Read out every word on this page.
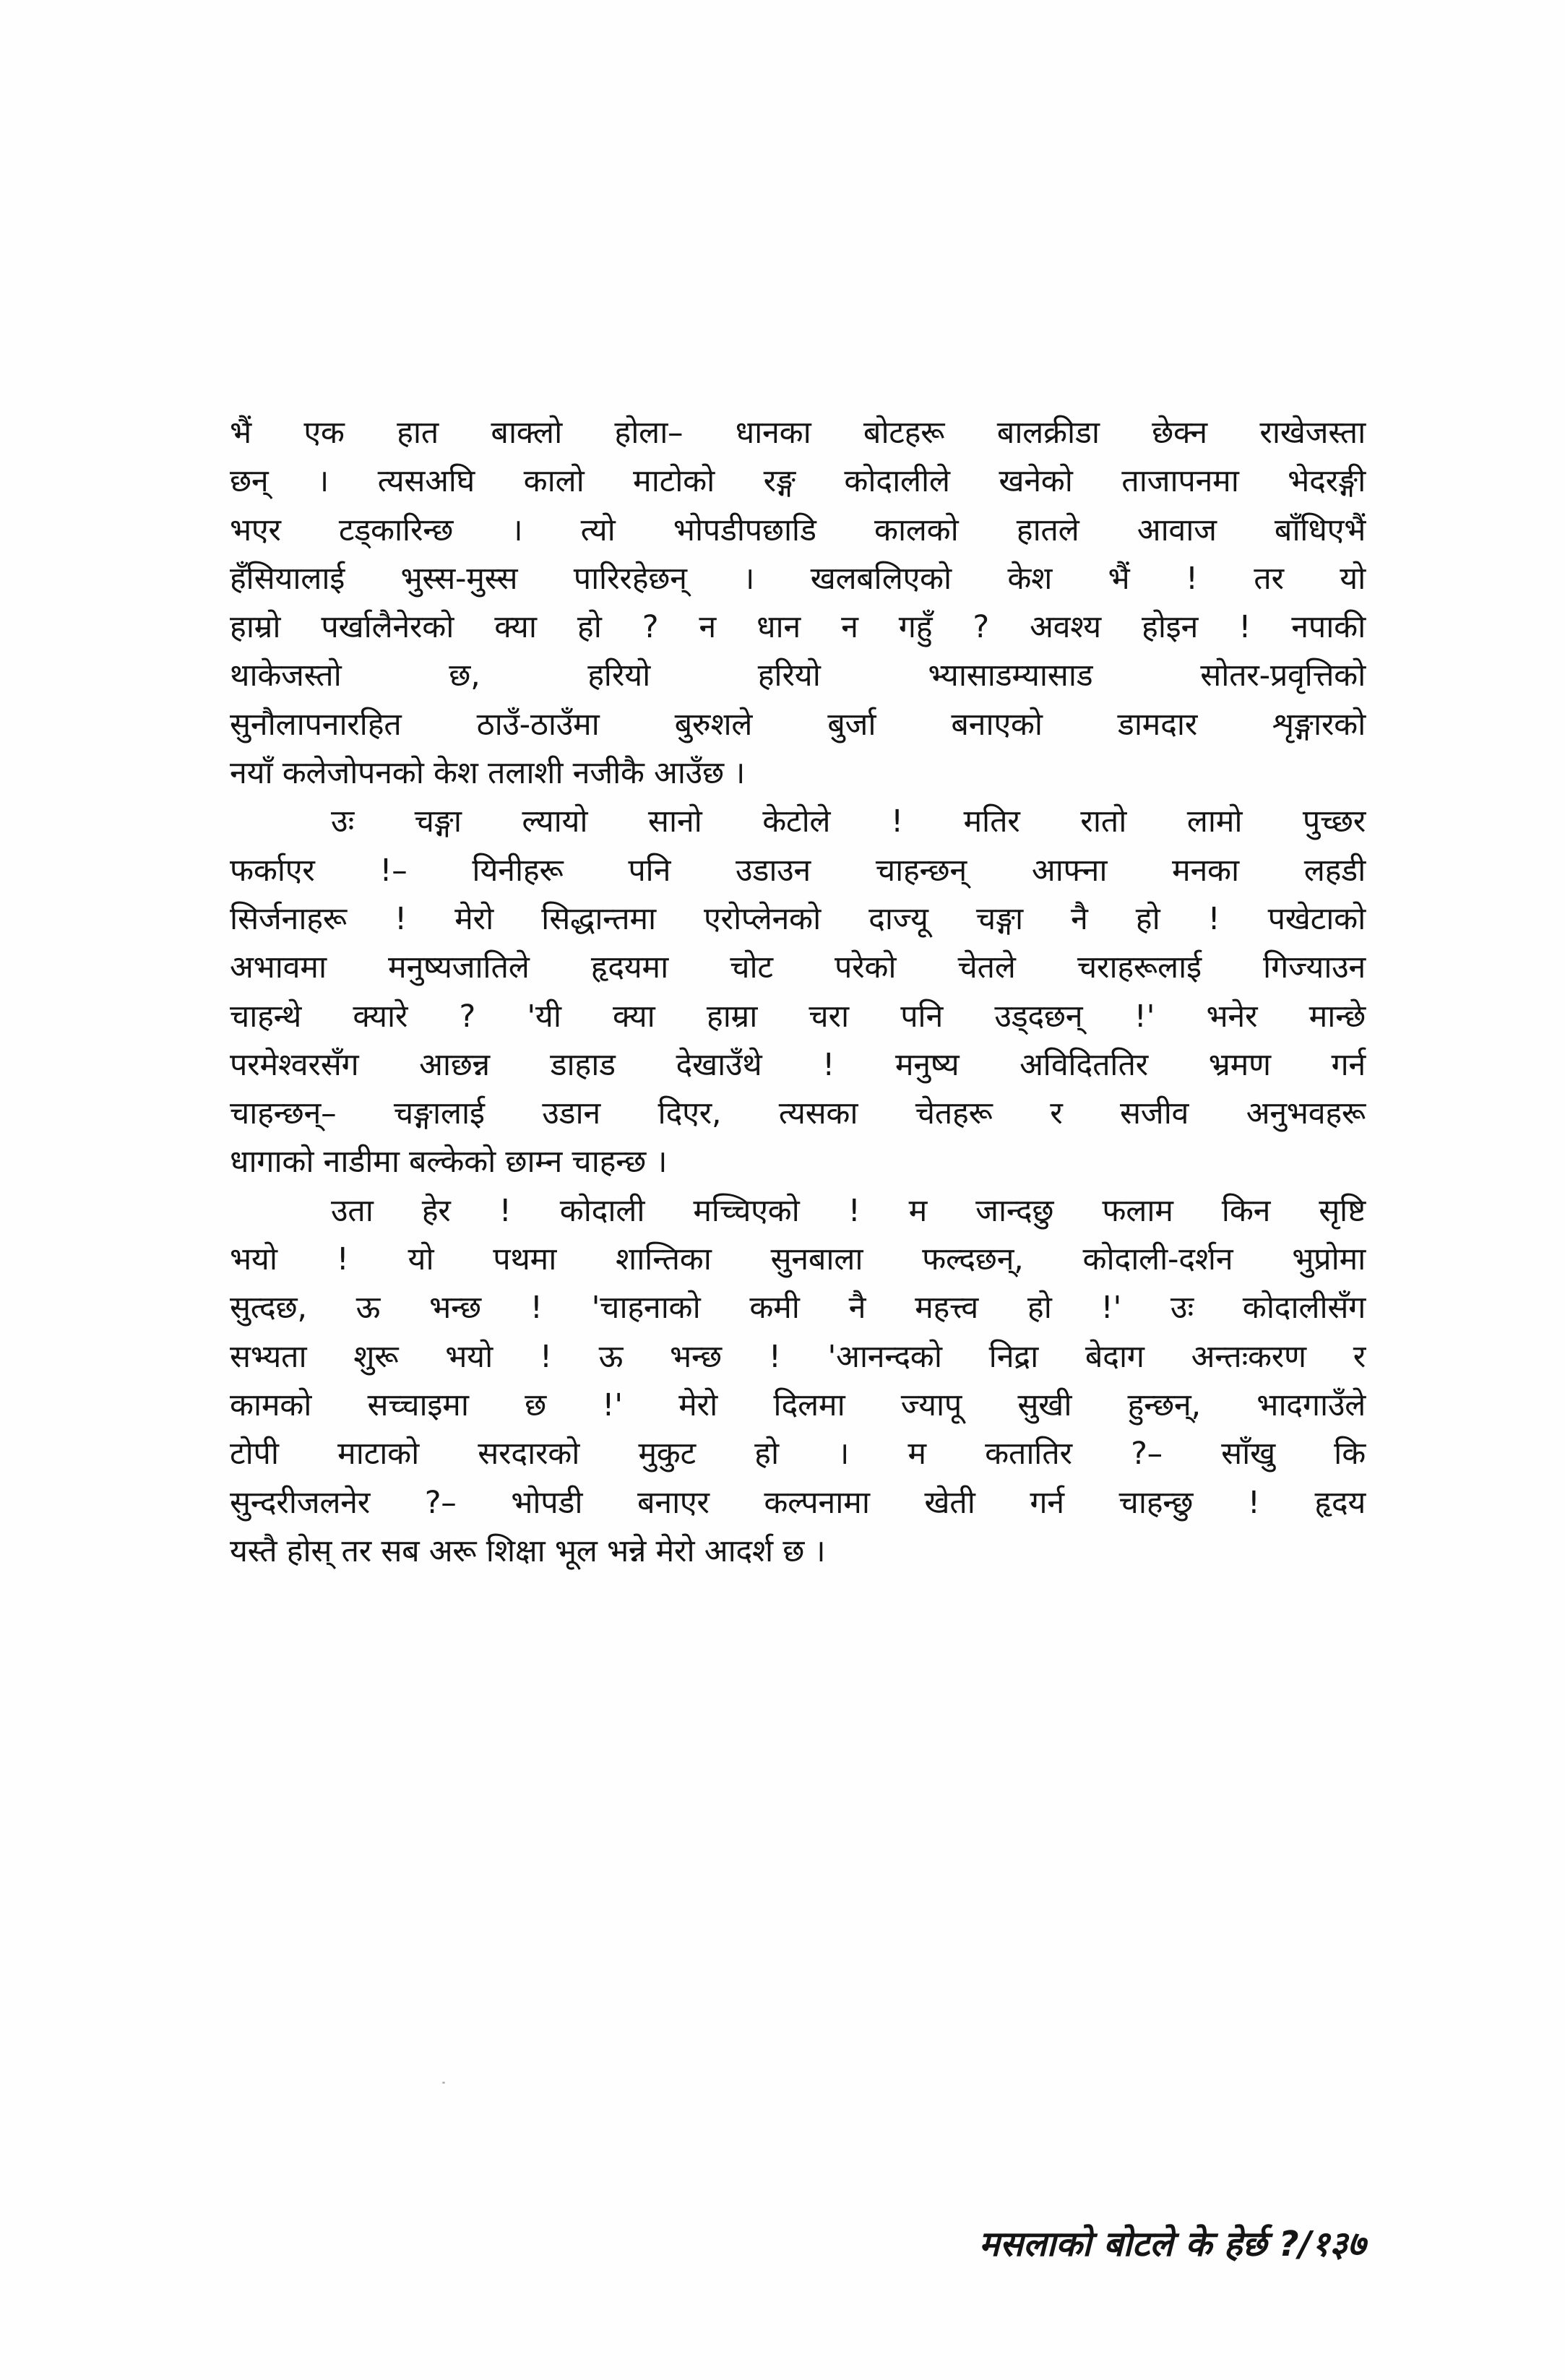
भैं एक हात बाक्लो होला– धानका बोटहरू बालक्रीडा छेक्न राखेजस्ता
छन् । त्यसअघि कालो माटोको रङ्ग कोदालीले खनेको ताजापनमा भेदरङ्गी
भएर टड्कारिन्छ । त्यो भोपडीपछाडि कालको हातले आवाज बाँधिएभैं
हँसियालाई भुस्स-मुस्स पारिरहेछन् । खलबलिएको केश भैं ! तर यो
हाम्रो पर्खालैनेरको क्या हो ? न धान न गहुँ ? अवश्य होइन ! नपाकी
थाकेजस्तो छ, हरियो हरियो भ्यासाडम्यासाड सोतर-प्रवृत्तिको
सुनौलापनारहित ठाउँ-ठाउँमा बुरुशले बुर्जा बनाएको डामदार शृङ्गारको
नयाँ कलेजोपनको केश तलाशी नजीकै आउँछ ।
उः चङ्गा ल्यायो सानो केटोले ! मतिर रातो लामो पुच्छर
फर्काएर !– यिनीहरू पनि उडाउन चाहन्छन् आफ्ना मनका लहडी
सिर्जनाहरू ! मेरो सिद्धान्तमा एरोप्लेनको दाज्यू चङ्गा नै हो ! पखेटाको
अभावमा मनुष्यजातिले हृदयमा चोट परेको चेतले चराहरूलाई गिज्याउन
चाहन्थे क्यारे ? 'यी क्या हाम्रा चरा पनि उड्दछन् !' भनेर मान्छे
परमेश्वरसँग आछन्न डाहाड देखाउँथे ! मनुष्य अविदिततिर भ्रमण गर्न
चाहन्छन्– चङ्गालाई उडान दिएर, त्यसका चेतहरू र सजीव अनुभवहरू
धागाको नाडीमा बल्केको छाम्न चाहन्छ ।
उता हेर ! कोदाली मच्चिएको ! म जान्दछु फलाम किन सृष्टि
भयो ! यो पथमा शान्तिका सुनबाला फल्दछन्, कोदाली-दर्शन भुप्रोमा
सुत्दछ, ऊ भन्छ ! 'चाहनाको कमी नै महत्त्व हो !' उः कोदालीसँग
सभ्यता शुरू भयो ! ऊ भन्छ ! 'आनन्दको निद्रा बेदाग अन्तःकरण र
कामको सच्चाइमा छ !' मेरो दिलमा ज्यापू सुखी हुन्छन्, भादगाउँले
टोपी माटाको सरदारको मुकुट हो । म कतातिर ?– साँखु कि
सुन्दरीजलनेर ?– भोपडी बनाएर कल्पनामा खेती गर्न चाहन्छु ! हृदय
यस्तै होस् तर सब अरू शिक्षा भूल भन्ने मेरो आदर्श छ ।
मसलाको बोटले के हेर्छ ?/१३७
